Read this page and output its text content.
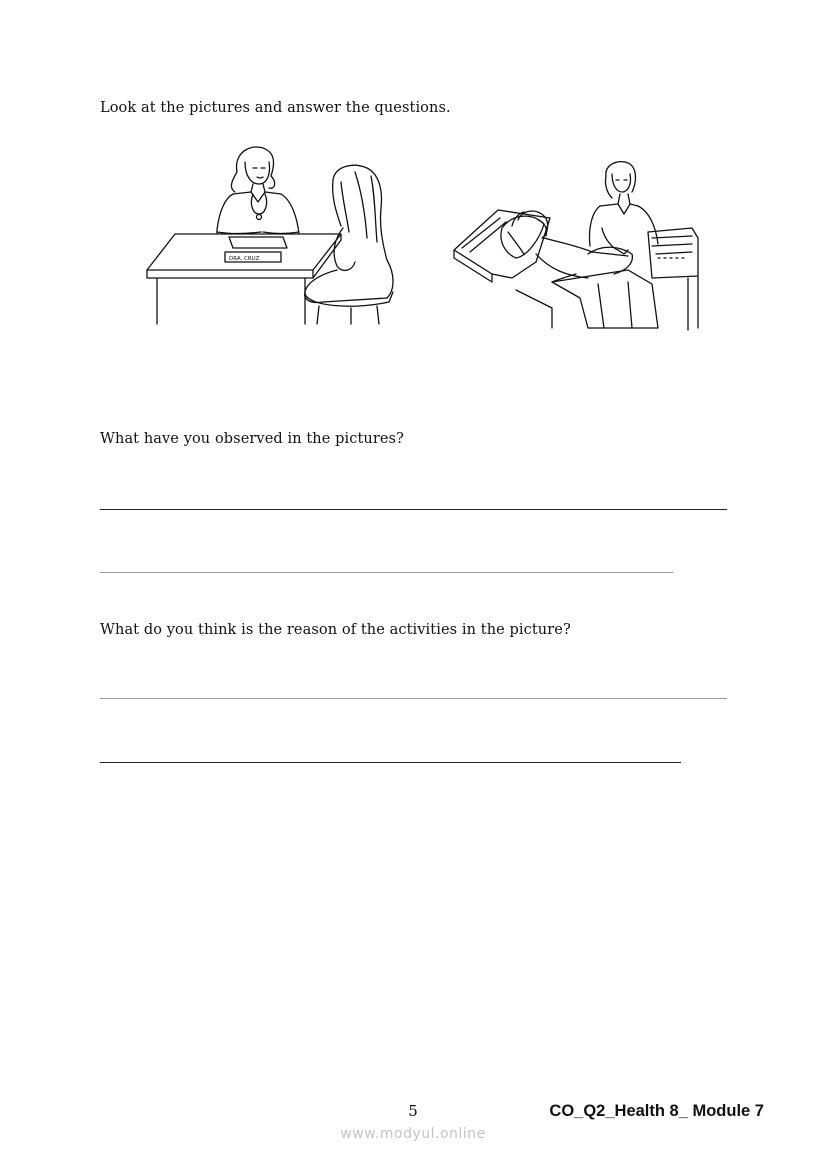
Look at the pictures and answer the questions.
DRA. CRUZ
What have you observed in the pictures?
What do you think is the reason of the activities in the picture?
5	CO_Q2_Health 8_ Module 7
www.modyul.online
